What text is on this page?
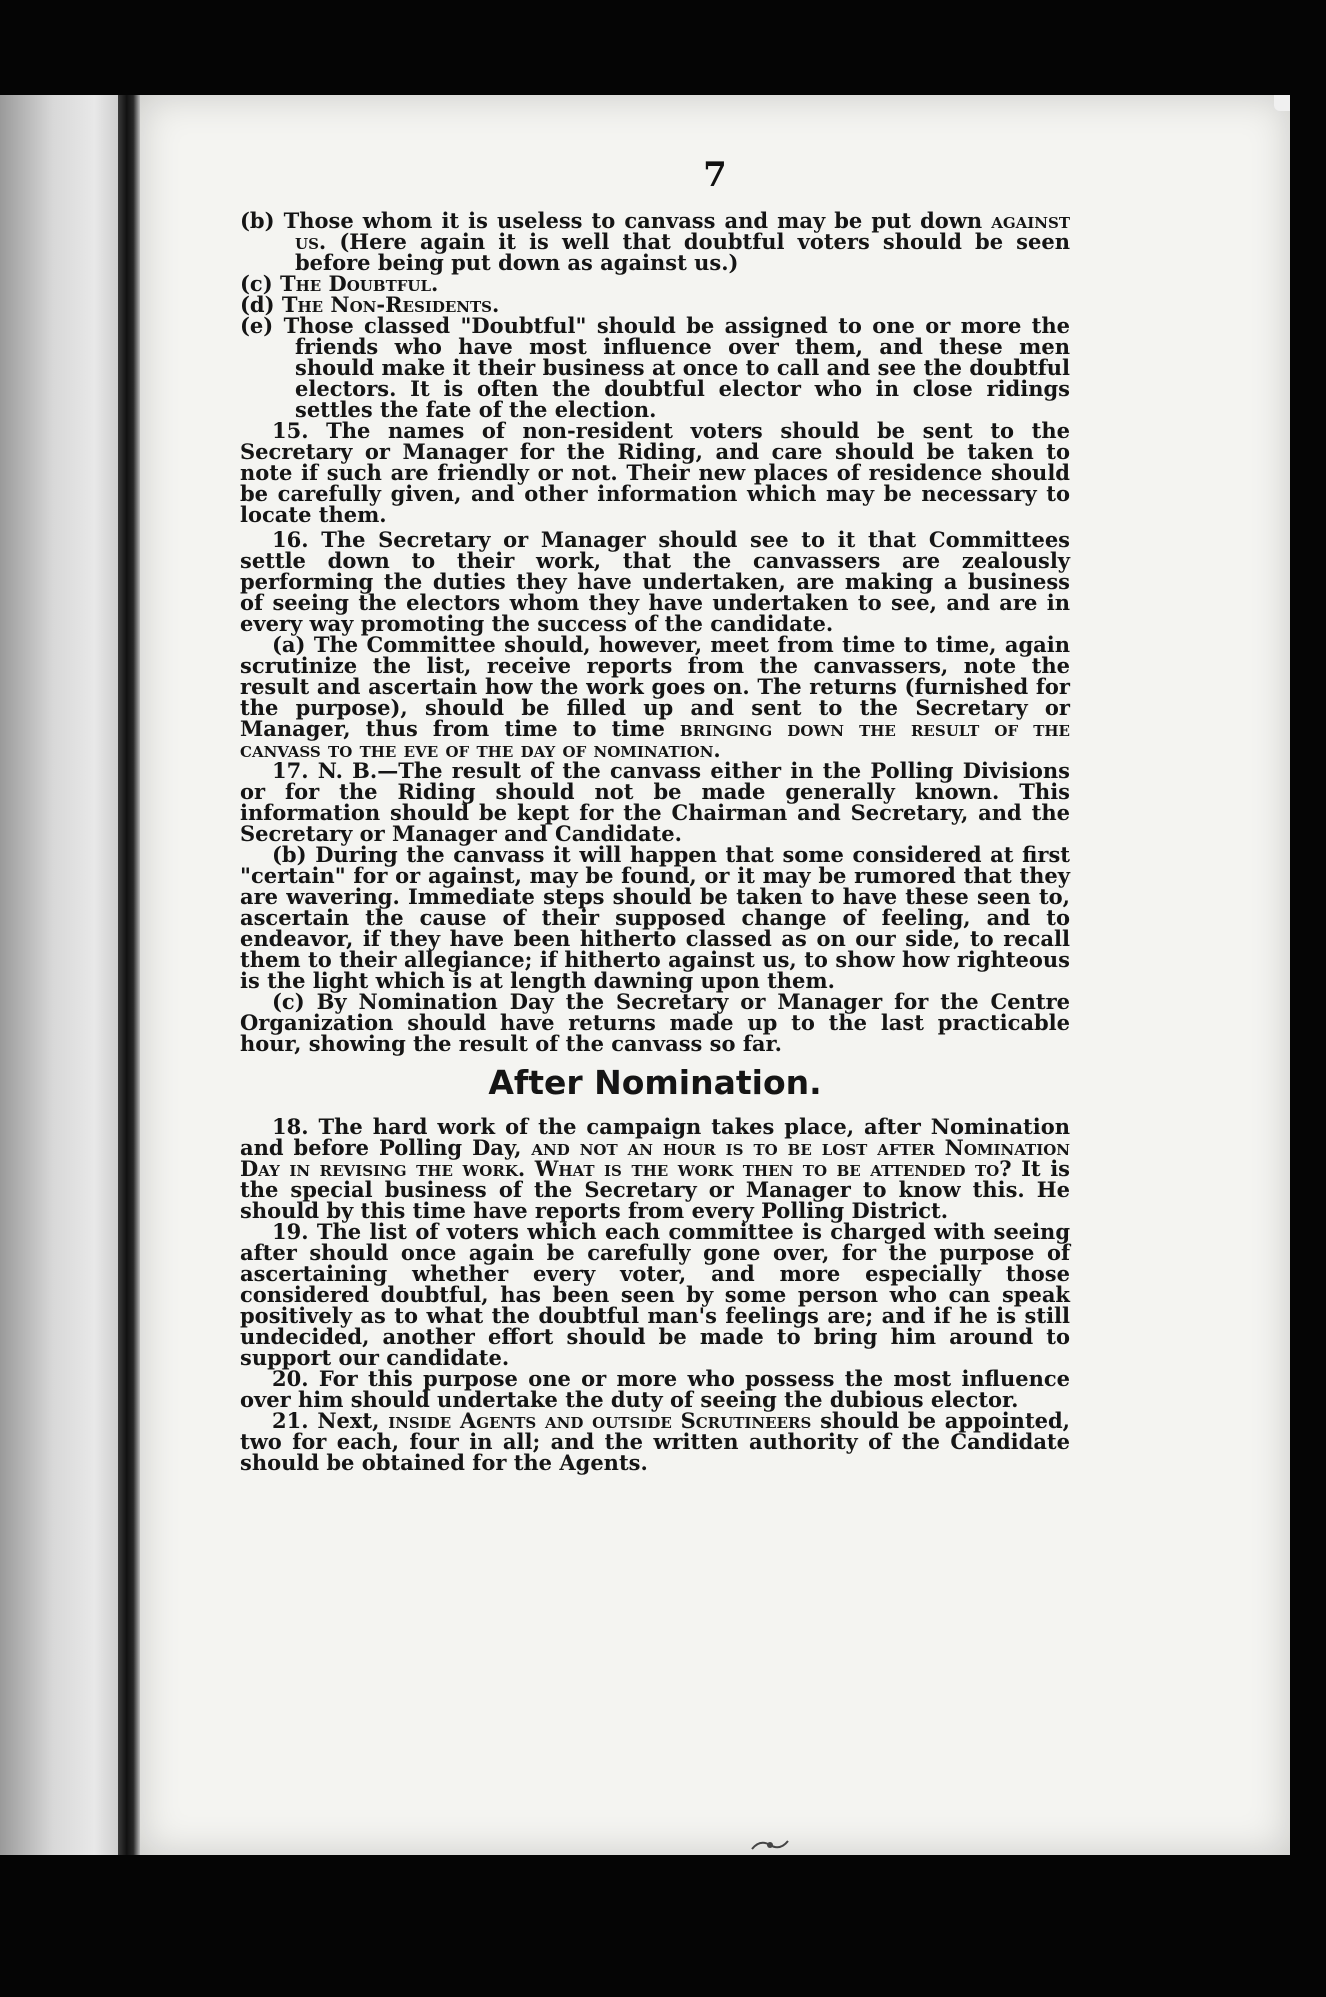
7

(b) Those whom it is useless to canvass and may be put down against us. (Here again it is well that doubtful voters should be seen before being put down as against us.)

(c) The Doubtful.

(d) The Non-Residents.

(e) Those classed "Doubtful" should be assigned to one or more the friends who have most influence over them, and these men should make it their business at once to call and see the doubtful electors. It is often the doubtful elector who in close ridings settles the fate of the election.

15. The names of non-resident voters should be sent to the Secretary or Manager for the Riding, and care should be taken to note if such are friendly or not. Their new places of residence should be carefully given, and other information which may be necessary to locate them.

16. The Secretary or Manager should see to it that Committees settle down to their work, that the canvassers are zealously performing the duties they have undertaken, are making a business of seeing the electors whom they have undertaken to see, and are in every way promoting the success of the candidate.

(a) The Committee should, however, meet from time to time, again scrutinize the list, receive reports from the canvassers, note the result and ascertain how the work goes on. The returns (furnished for the purpose), should be filled up and sent to the Secretary or Manager, thus from time to time bringing down the result of the canvass to the eve of the day of nomination.

17. N. B.—The result of the canvass either in the Polling Divisions or for the Riding should not be made generally known. This information should be kept for the Chairman and Secretary, and the Secretary or Manager and Candidate.

(b) During the canvass it will happen that some considered at first "certain" for or against, may be found, or it may be rumored that they are wavering. Immediate steps should be taken to have these seen to, ascertain the cause of their supposed change of feeling, and to endeavor, if they have been hitherto classed as on our side, to recall them to their allegiance; if hitherto against us, to show how righteous is the light which is at length dawning upon them.

(c) By Nomination Day the Secretary or Manager for the Centre Organization should have returns made up to the last practicable hour, showing the result of the canvass so far.

After Nomination.

18. The hard work of the campaign takes place, after Nomination and before Polling Day, and not an hour is to be lost after Nomination Day in revising the work. What is the work then to be attended to? It is the special business of the Secretary or Manager to know this. He should by this time have reports from every Polling District.

19. The list of voters which each committee is charged with seeing after should once again be carefully gone over, for the purpose of ascertaining whether every voter, and more especially those considered doubtful, has been seen by some person who can speak positively as to what the doubtful man's feelings are; and if he is still undecided, another effort should be made to bring him around to support our candidate.

20. For this purpose one or more who possess the most influence over him should undertake the duty of seeing the dubious elector.

21. Next, inside Agents and outside Scrutineers should be appointed, two for each, four in all; and the written authority of the Candidate should be obtained for the Agents.
